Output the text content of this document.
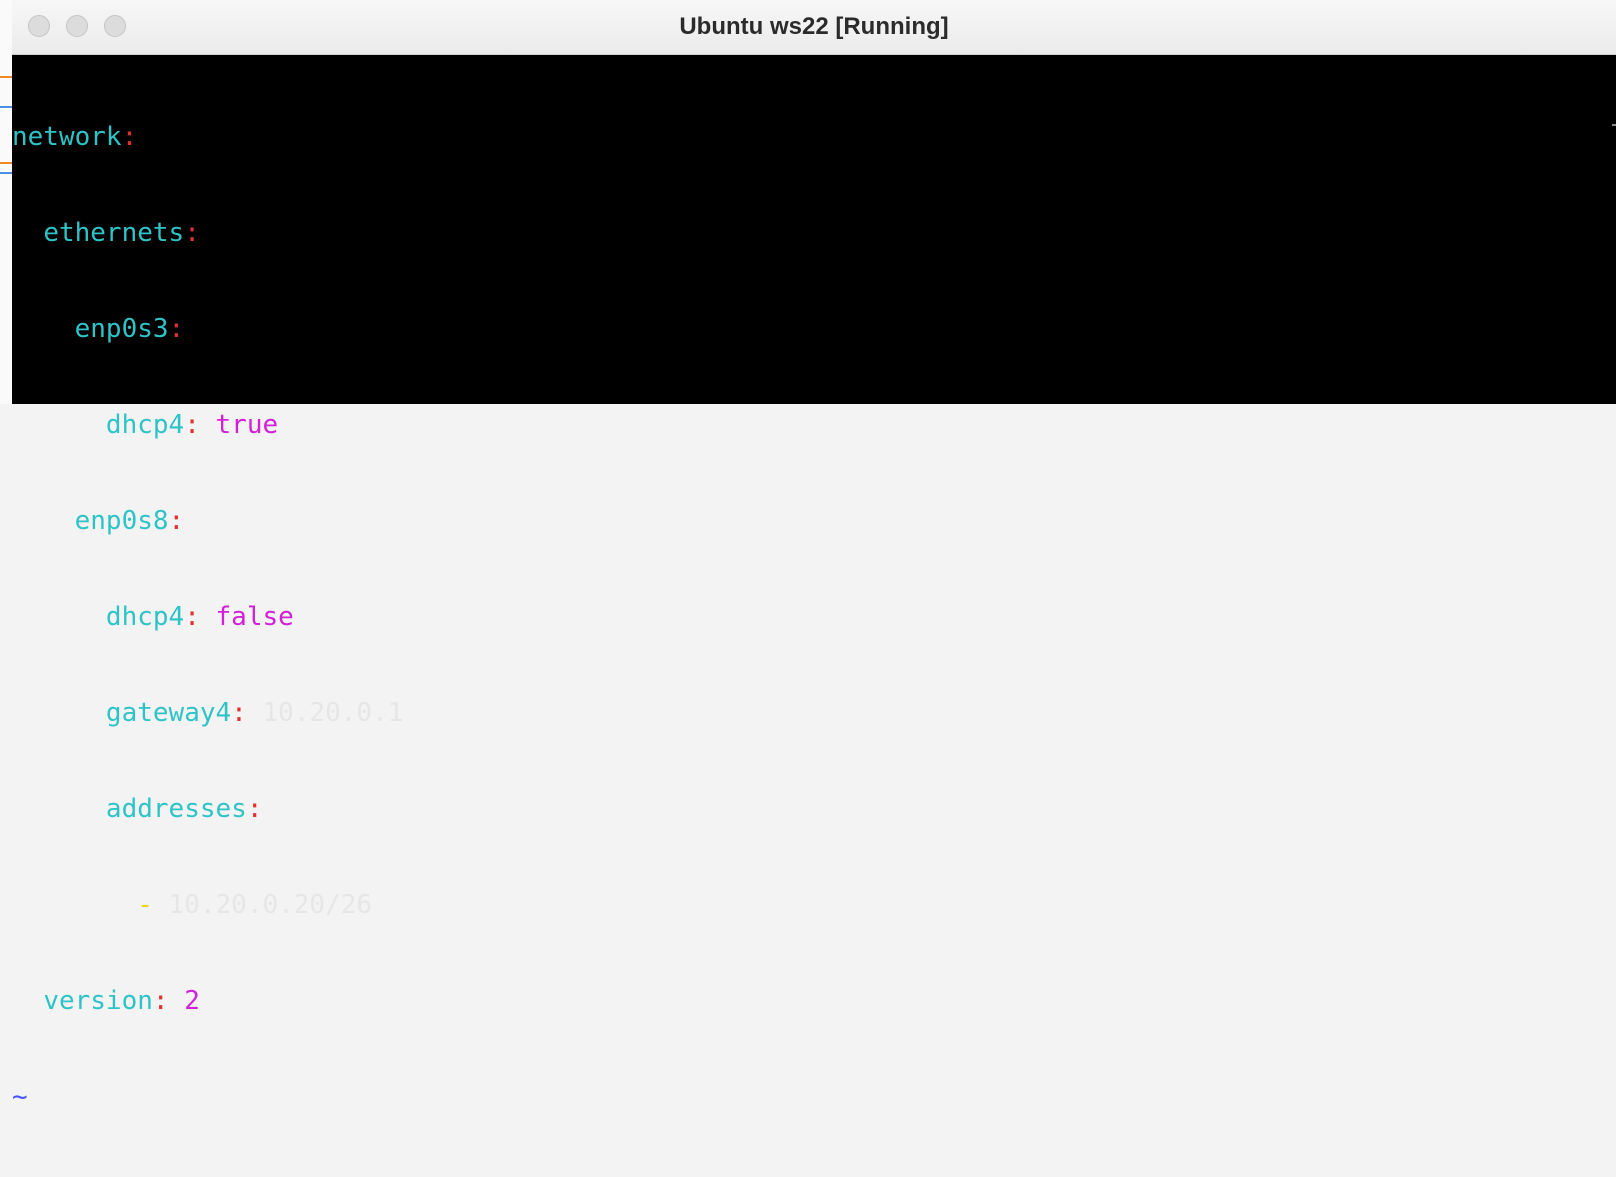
Ubuntu ws22 [Running]

network:

ethernets:

enp0s3:

dhcp4: true

enp0s8:

dhcp4: false

gateway4: 10.20.0.1

addresses:

- 10.20.0.20/26

version: 2

~
